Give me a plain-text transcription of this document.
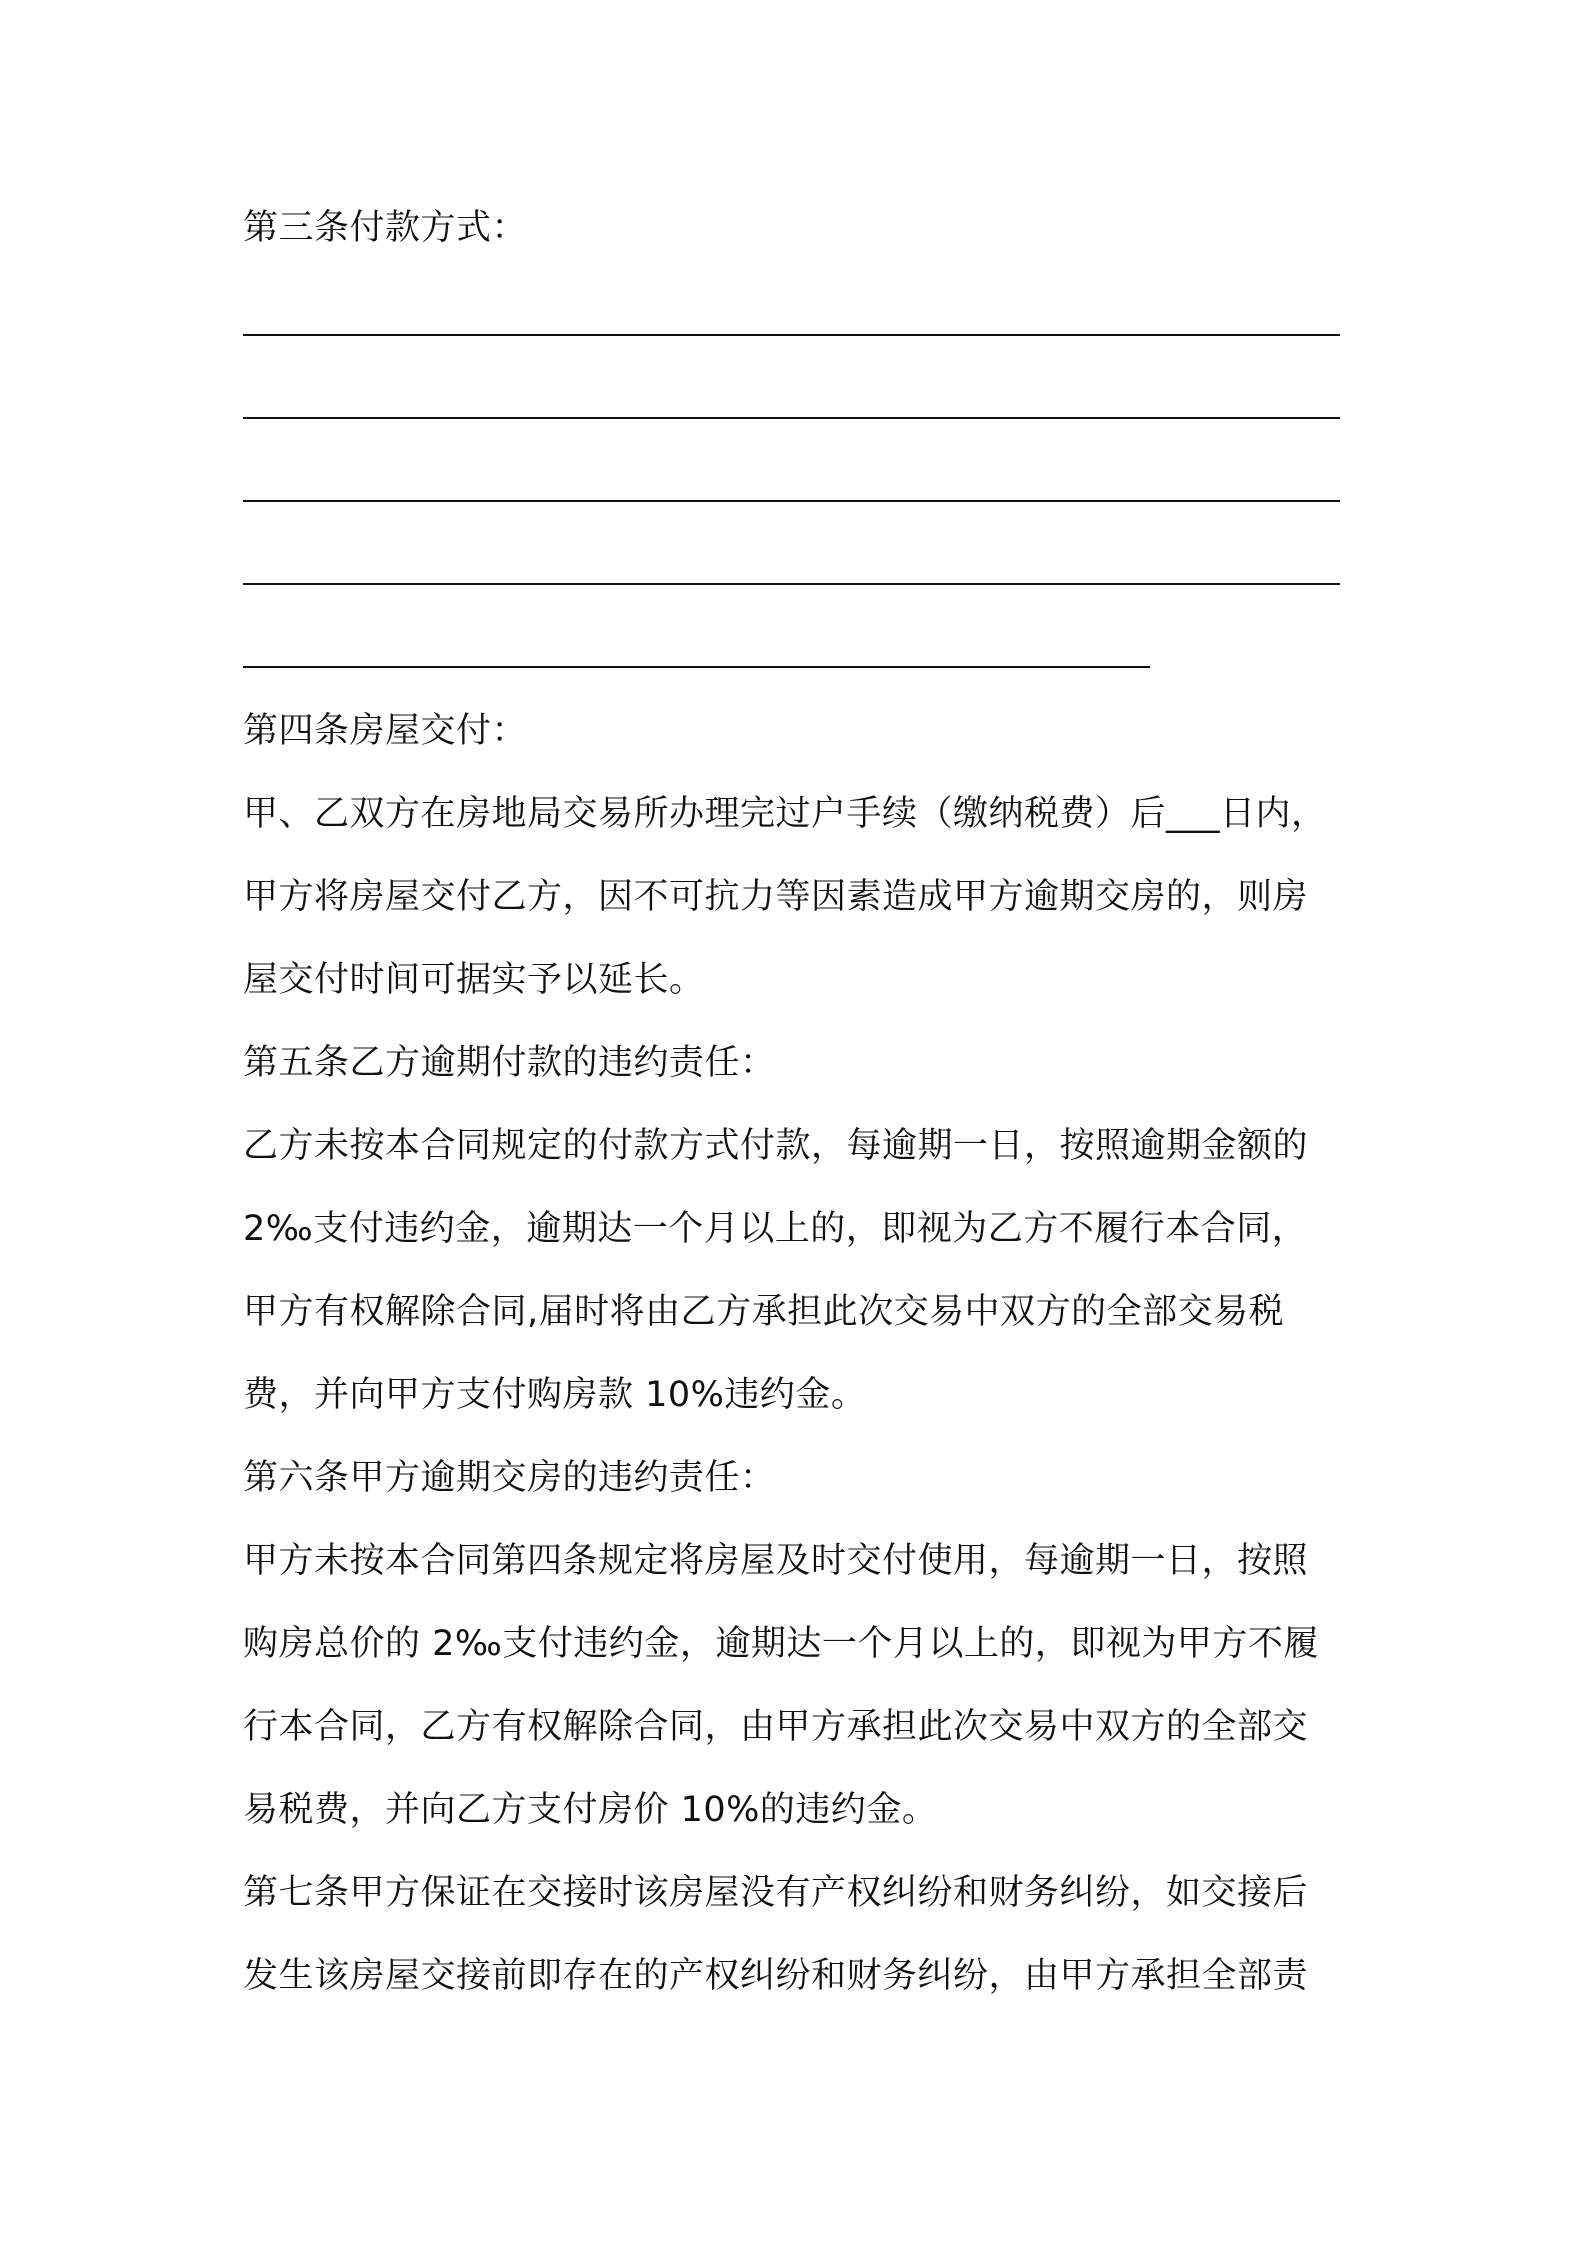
第三条付款方式：
第四条房屋交付：
甲、乙双方在房地局交易所办理完过户手续（缴纳税费）后___日内，
甲方将房屋交付乙方，因不可抗力等因素造成甲方逾期交房的，则房
屋交付时间可据实予以延长。
第五条乙方逾期付款的违约责任：
乙方未按本合同规定的付款方式付款，每逾期一日，按照逾期金额的
2‰支付违约金，逾期达一个月以上的，即视为乙方不履行本合同，
甲方有权解除合同,届时将由乙方承担此次交易中双方的全部交易税
费，并向甲方支付购房款 10%违约金。
第六条甲方逾期交房的违约责任：
甲方未按本合同第四条规定将房屋及时交付使用，每逾期一日，按照
购房总价的 2‰支付违约金，逾期达一个月以上的，即视为甲方不履
行本合同，乙方有权解除合同，由甲方承担此次交易中双方的全部交
易税费，并向乙方支付房价 10%的违约金。
第七条甲方保证在交接时该房屋没有产权纠纷和财务纠纷，如交接后
发生该房屋交接前即存在的产权纠纷和财务纠纷，由甲方承担全部责
